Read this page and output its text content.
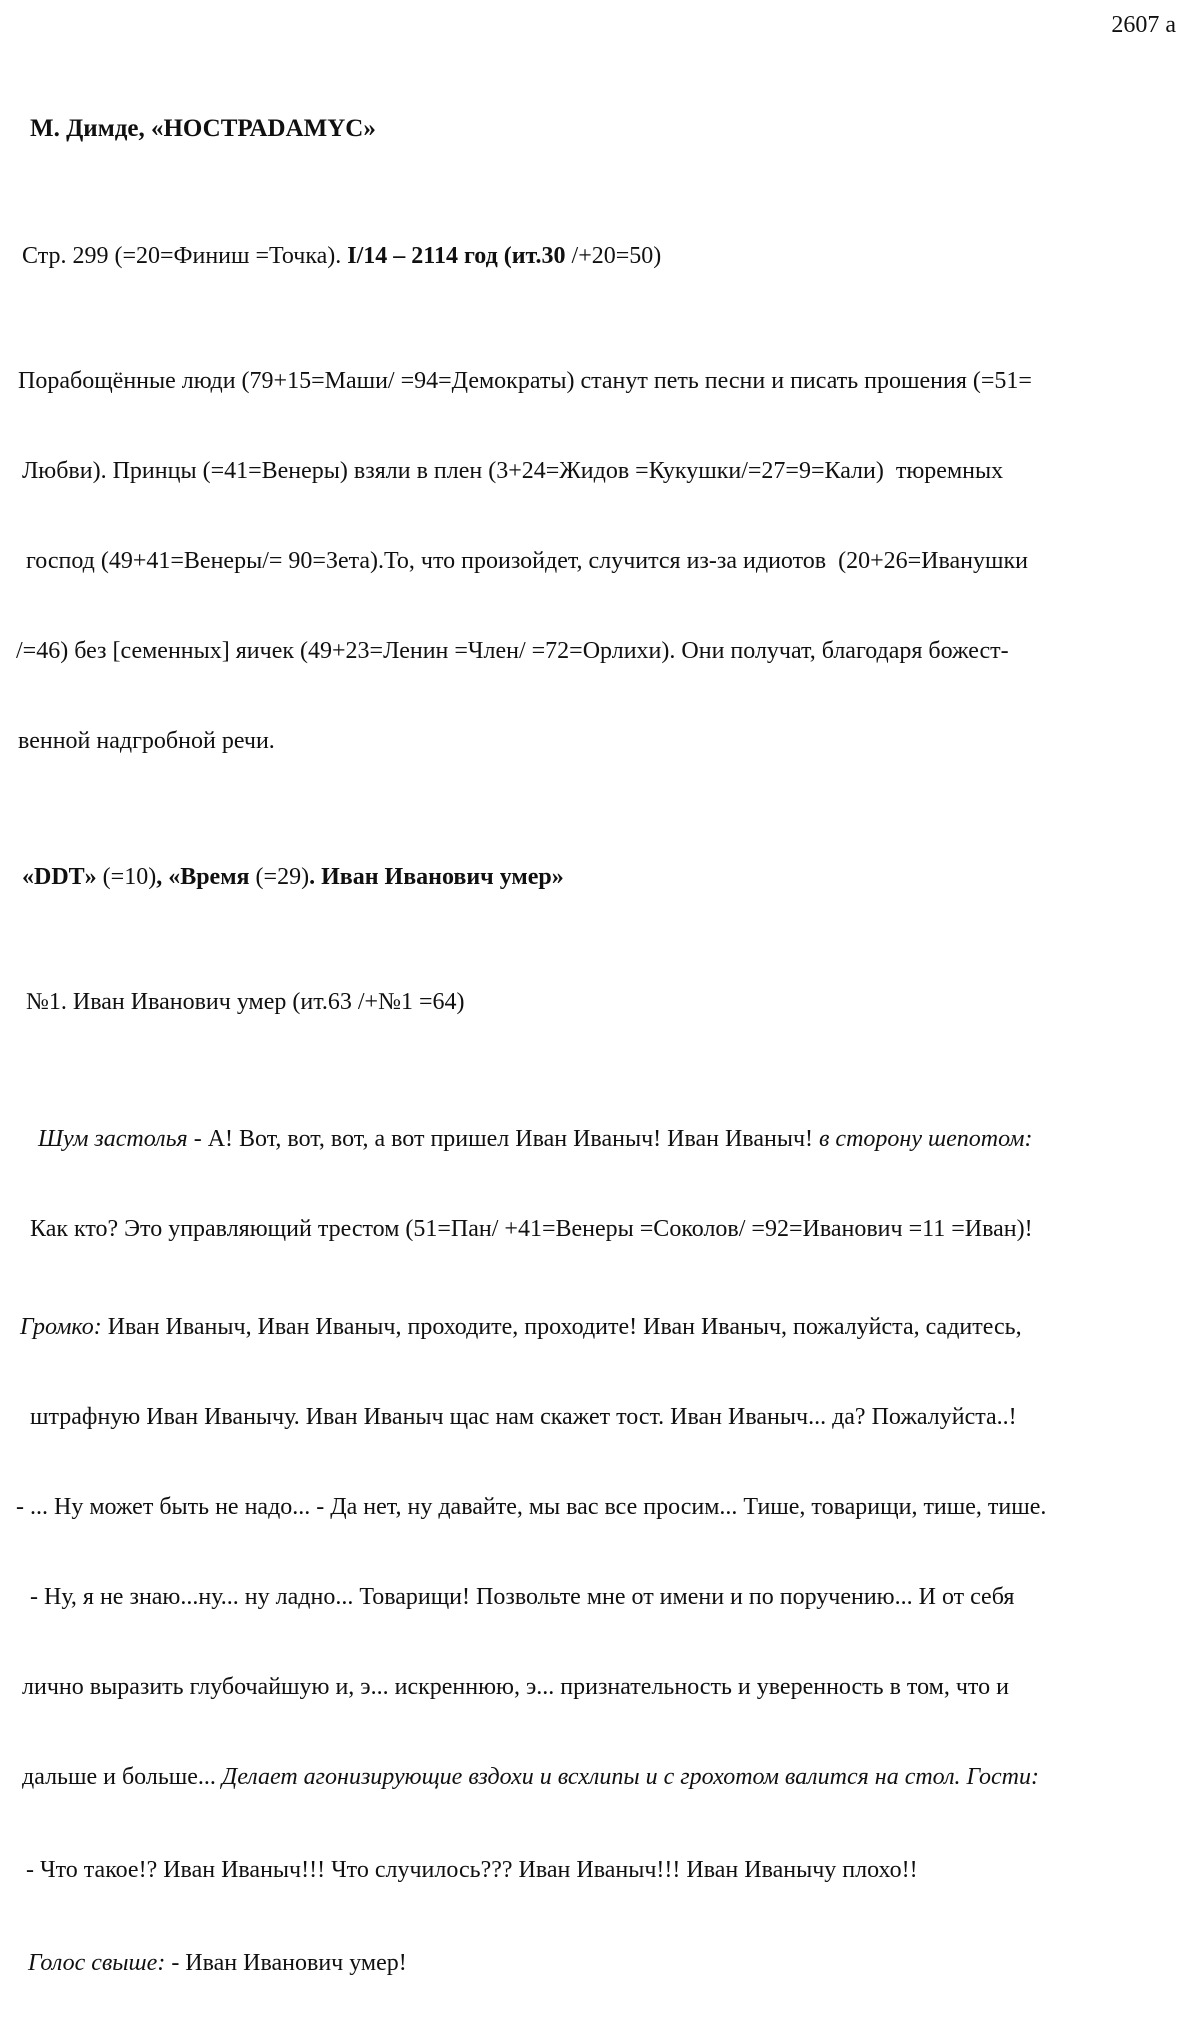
2607 a

М. Димде, «НОСТРАDАМYС»

Стр. 299 (=20=Финиш =Точка). I/14 – 2114 год (ит.30 /+20=50)

Порабощённые люди (79+15=Маши/ =94=Демократы) станут петь песни и писать прошения (=51=

Любви). Принцы (=41=Венеры) взяли в плен (3+24=Жидов =Кукушки/=27=9=Кали)  тюремных

господ (49+41=Венеры/= 90=Зета).То, что произойдет, случится из-за идиотов  (20+26=Иванушки

/=46) без [семенных] яичек (49+23=Ленин =Член/ =72=Орлихи). Они получат, благодаря божест-

венной надгробной речи.

«DDT» (=10), «Время (=29). Иван Иванович умер»

№1. Иван Иванович умер (ит.63 /+№1 =64)

Шум застолья - А! Вот, вот, вот, а вот пришел Иван Иваныч! Иван Иваныч! в сторону шепотом:

Как кто? Это управляющий трестом (51=Пан/ +41=Венеры =Соколов/ =92=Иванович =11 =Иван)!

Громко: Иван Иваныч, Иван Иваныч, проходите, проходите! Иван Иваныч, пожалуйста, садитесь,

штрафную Иван Иванычу. Иван Иваныч щас нам скажет тост. Иван Иваныч... да? Пожалуйста..!

- ... Ну может быть не надо... - Да нет, ну давайте, мы вас все просим... Тише, товарищи, тише, тише.

- Ну, я не знаю...ну... ну ладно... Товарищи! Позвольте мне от имени и по поручению... И от себя

лично выразить глубочайшую и, э... искреннюю, э... признательность и уверенность в том, что и

дальше и больше... Делает агонизирующие вздохи и всхлипы и с грохотом валится на стол. Гости:

- Что такое!? Иван Иваныч!!! Что случилось??? Иван Иваныч!!! Иван Иванычу плохо!!

Голос свыше: - Иван Иванович умер!
